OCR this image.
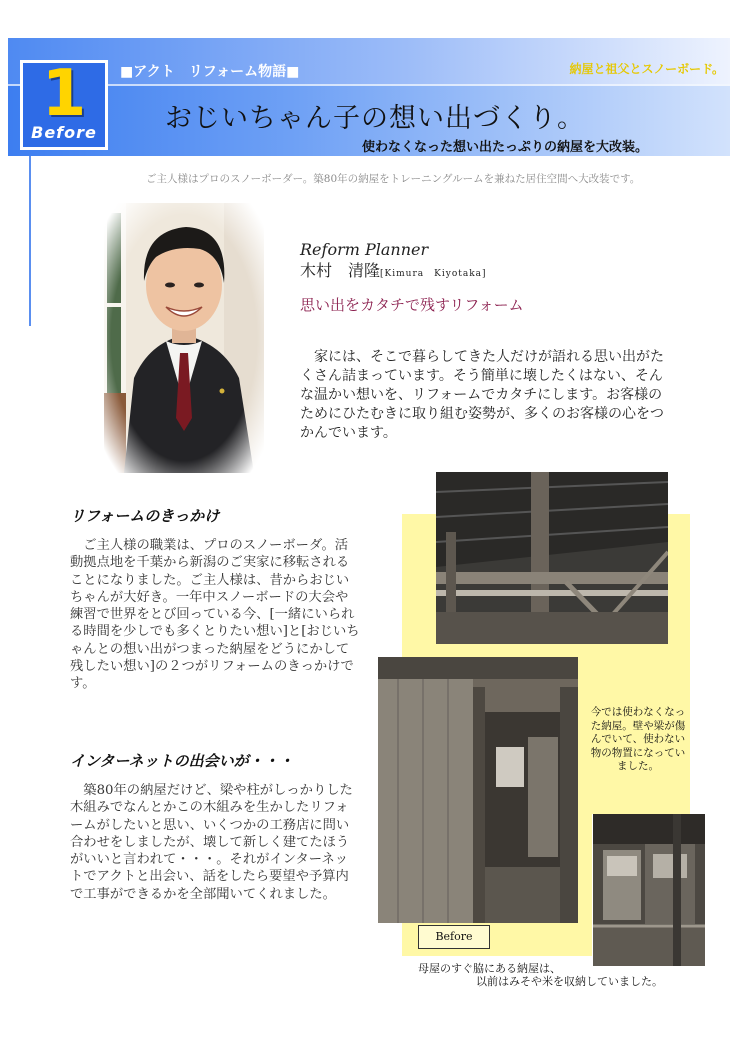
1
Before
■アクト　リフォーム物語■	納屋と祖父とスノーボード。
おじいちゃん子の想い出づくり。
使わなくなった想い出たっぷりの納屋を大改装。
ご主人様はプロのスノーボーダー。築80年の納屋をトレーニングルームを兼ねた居住空間へ大改装です。
Reform Planner
木村　清隆[Kimura　Kiyotaka]
思い出をカタチで残すリフォーム
　家には、そこで暮らしてきた人だけが語れる思い出がたくさん詰まっています。そう簡単に壊したくはない、そんな温かい想いを、リフォームでカタチにします。お客様のためにひたむきに取り組む姿勢が、多くのお客様の心をつかんでいます。
リフォームのきっかけ
　ご主人様の職業は、プロのスノーボーダ。活動拠点地を千葉から新潟のご実家に移転されることになりました。ご主人様は、昔からおじいちゃんが大好き。一年中スノーボードの大会や練習で世界をとび回っている今、[一緒にいられる時間を少しでも多くとりたい想い]と[おじいちゃんとの想い出がつまった納屋をどうにかして残したい想い]の２つがリフォームのきっかけです。
インターネットの出会いが・・・
　築80年の納屋だけど、梁や柱がしっかりした木組みでなんとかこの木組みを生かしたリフォームがしたいと思い、いくつかの工務店に問い合わせをしましたが、壊して新しく建てたほうがいいと言われて・・・。それがインターネットでアクトと出会い、話をしたら要望や予算内で工事ができるかを全部聞いてくれました。
今では使わなくなった納屋。壁や梁が傷んでいて、使わない物の物置になっていました。
Before
母屋のすぐ脇にある納屋は、
以前はみそや米を収納していました。
